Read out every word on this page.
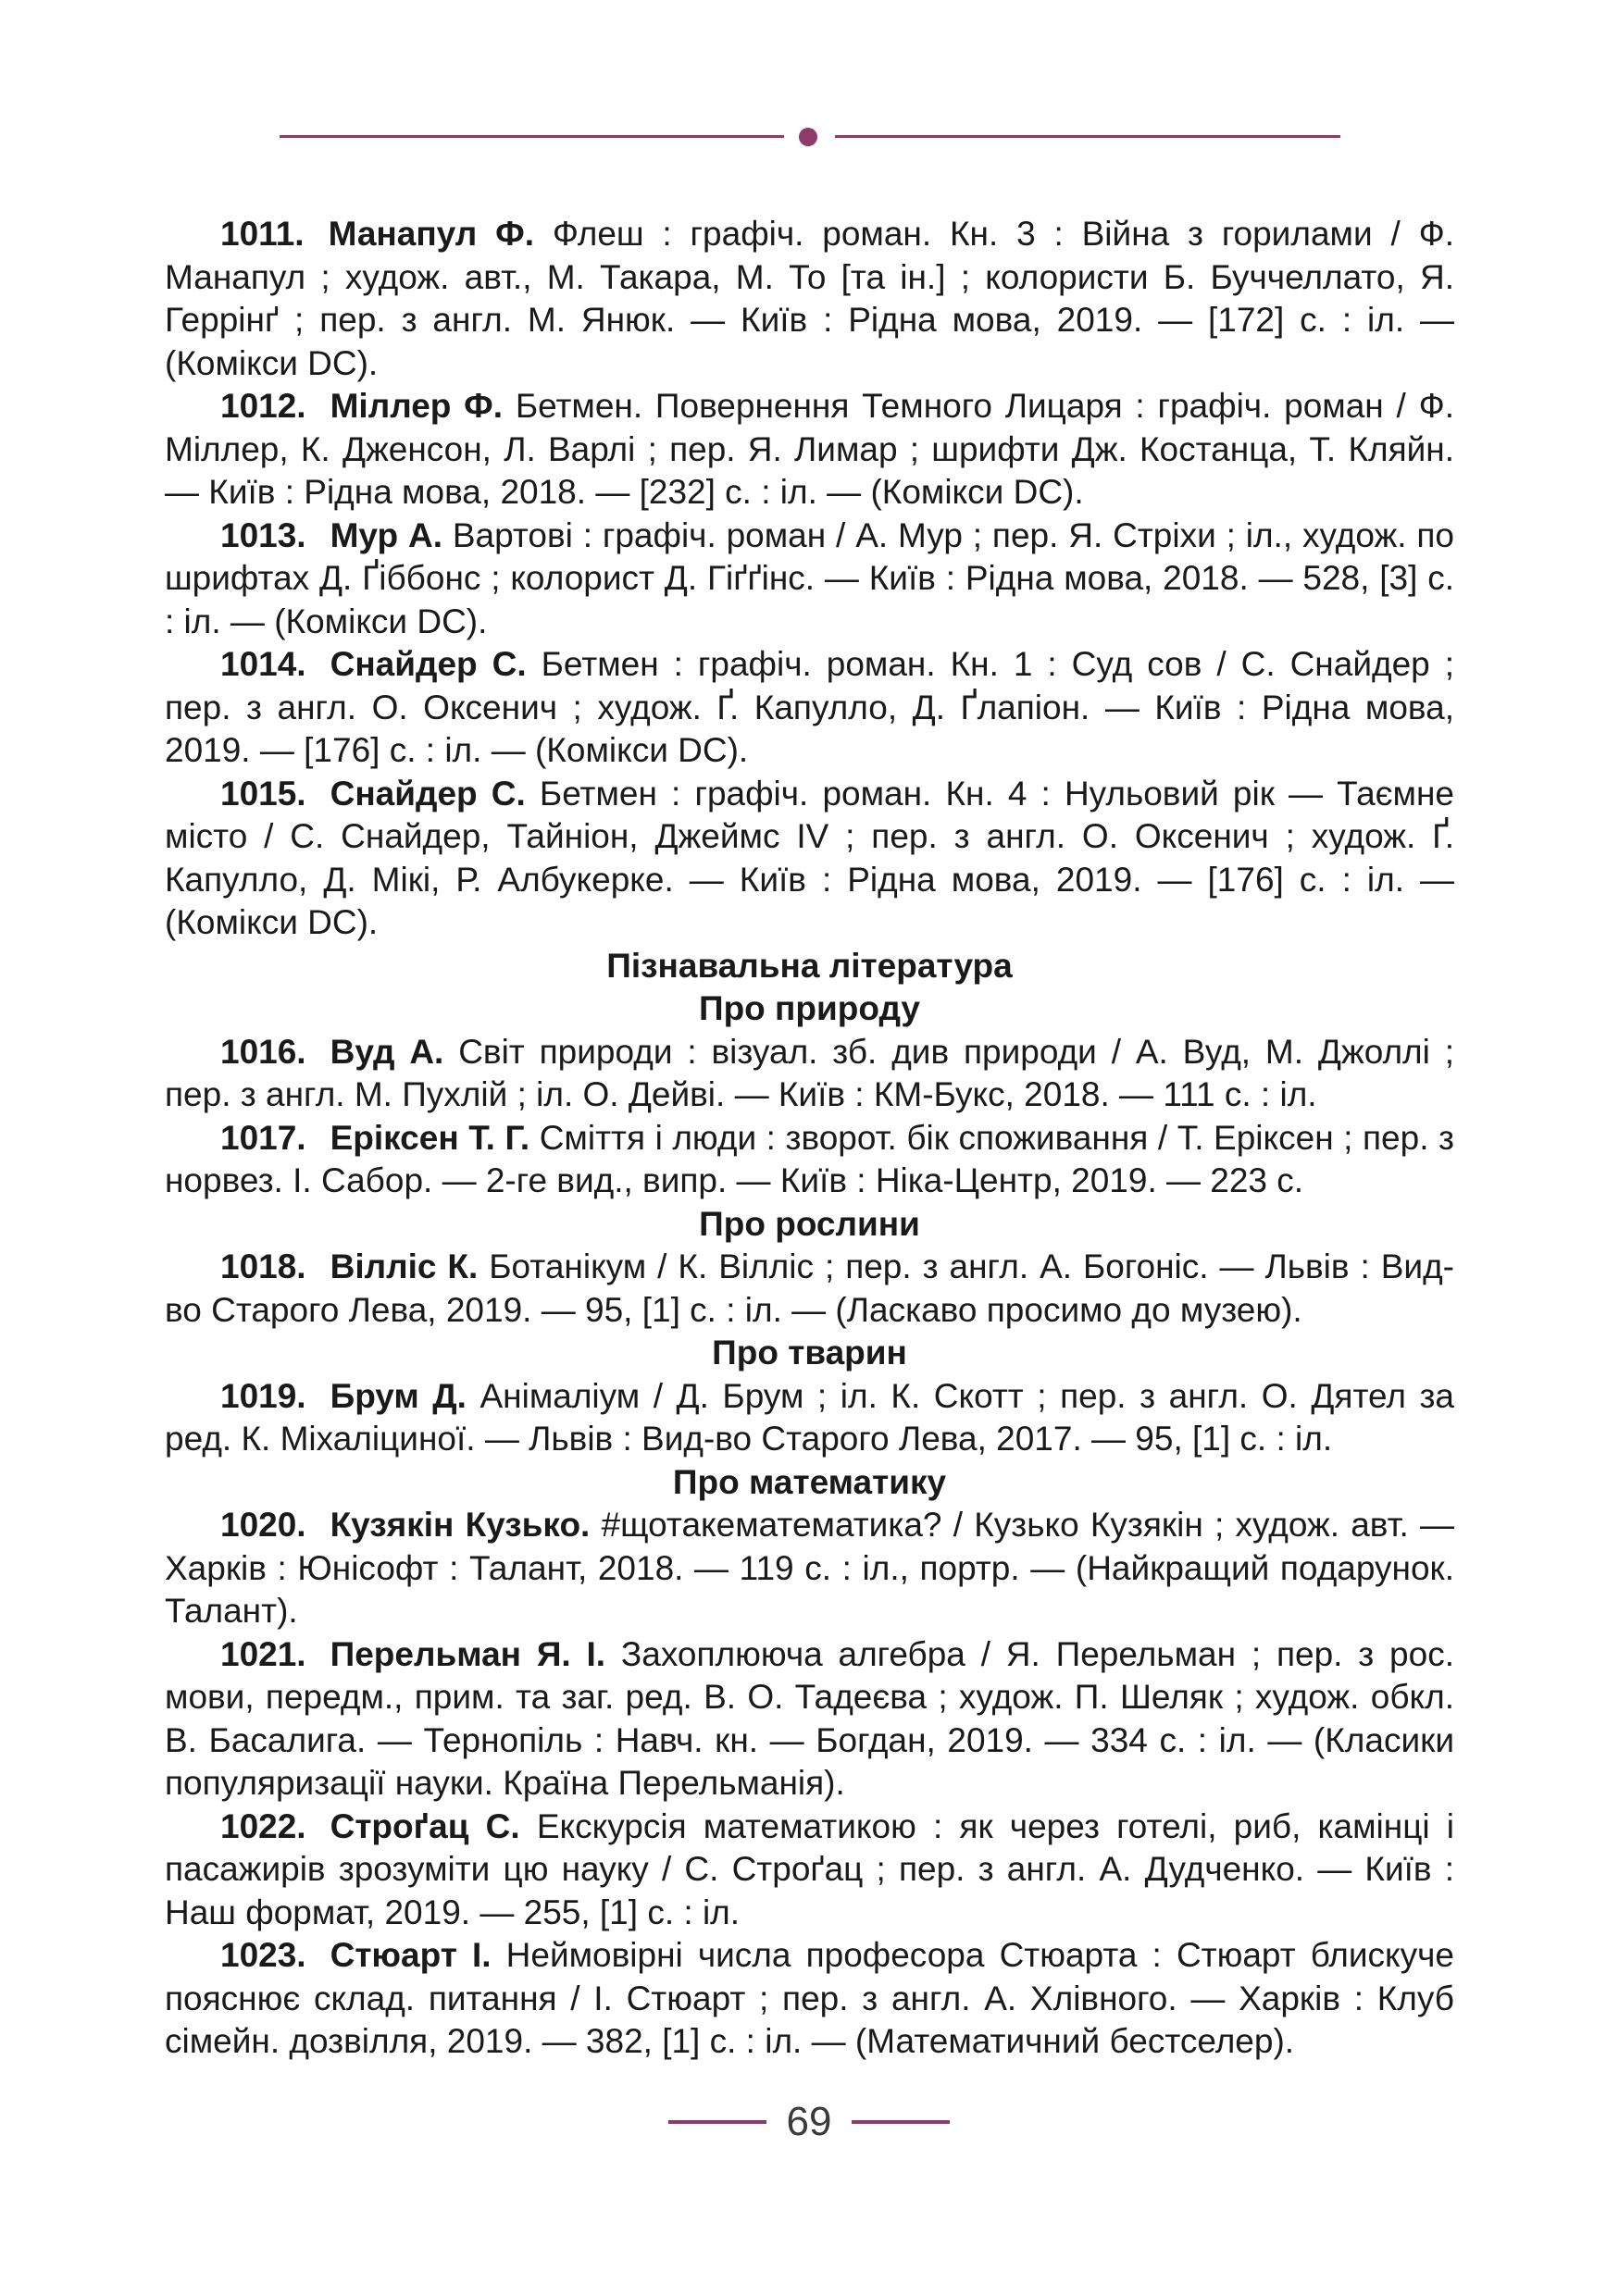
1011. Манапул Ф. Флеш : графіч. роман. Кн. 3 : Війна з горилами / Ф. Манапул ; худож. авт., М. Такара, М. То [та ін.] ; колористи Б. Буччеллато, Я. Геррінґ ; пер. з англ. М. Янюк. — Київ : Рідна мова, 2019. — [172] с. : іл. — (Комікси DC).

1012. Міллер Ф. Бетмен. Повернення Темного Лицаря : графіч. роман / Ф. Міллер, К. Дженсон, Л. Варлі ; пер. Я. Лимар ; шрифти Дж. Костанца, Т. Кляйн. — Київ : Рідна мова, 2018. — [232] с. : іл. — (Комікси DC).

1013. Мур А. Вартові : графіч. роман / А. Мур ; пер. Я. Стріхи ; іл., худож. по шрифтах Д. Ґіббонс ; колорист Д. Гіґґінс. — Київ : Рідна мова, 2018. — 528, [3] с. : іл. — (Комікси DC).

1014. Снайдер С. Бетмен : графіч. роман. Кн. 1 : Суд сов / С. Снайдер ; пер. з англ. О. Оксенич ; худож. Ґ. Капулло, Д. Ґлапіон. — Київ : Рідна мова, 2019. — [176] с. : іл. — (Комікси DC).

1015. Снайдер С. Бетмен : графіч. роман. Кн. 4 : Нульовий рік — Таємне місто / С. Снайдер, Тайніон, Джеймс IV ; пер. з англ. О. Оксенич ; худож. Ґ. Капулло, Д. Мікі, Р. Албукерке. — Київ : Рідна мова, 2019. — [176] с. : іл. — (Комікси DC).

Пізнавальна література

Про природу

1016. Вуд А. Світ природи : візуал. зб. див природи / А. Вуд, М. Джоллі ; пер. з англ. М. Пухлій ; іл. О. Дейві. — Київ : КМ-Букс, 2018. — 111 с. : іл.

1017. Еріксен Т. Г. Сміття і люди : зворот. бік споживання / Т. Еріксен ; пер. з норвез. І. Сабор. — 2-ге вид., випр. — Київ : Ніка-Центр, 2019. — 223 с.

Про рослини

1018. Вілліс К. Ботанікум / К. Вілліс ; пер. з англ. А. Богоніс. — Львів : Вид-во Старого Лева, 2019. — 95, [1] с. : іл. — (Ласкаво просимо до музею).

Про тварин

1019. Брум Д. Анімаліум / Д. Брум ; іл. К. Скотт ; пер. з англ. О. Дятел за ред. К. Міхаліциної. — Львів : Вид-во Старого Лева, 2017. — 95, [1] с. : іл.

Про математику

1020. Кузякін Кузько. #щотакематематика? / Кузько Кузякін ; худож. авт. — Харків : Юнісофт : Талант, 2018. — 119 с. : іл., портр. — (Найкращий подарунок. Талант).

1021. Перельман Я. І. Захоплююча алгебра / Я. Перельман ; пер. з рос. мови, передм., прим. та заг. ред. В. О. Тадеєва ; худож. П. Шеляк ; худож. обкл. В. Басалига. — Тернопіль : Навч. кн. — Богдан, 2019. — 334 с. : іл. — (Класики популяризації науки. Країна Перельманія).

1022. Строґац С. Екскурсія математикою : як через готелі, риб, камінці і пасажирів зрозуміти цю науку / С. Строґац ; пер. з англ. А. Дудченко. — Київ : Наш формат, 2019. — 255, [1] с. : іл.

1023. Стюарт І. Неймовірні числа професора Стюарта : Стюарт блискуче пояснює склад. питання / І. Стюарт ; пер. з англ. А. Хлівного. — Харків : Клуб сімейн. дозвілля, 2019. — 382, [1] с. : іл. — (Математичний бестселер).

69
